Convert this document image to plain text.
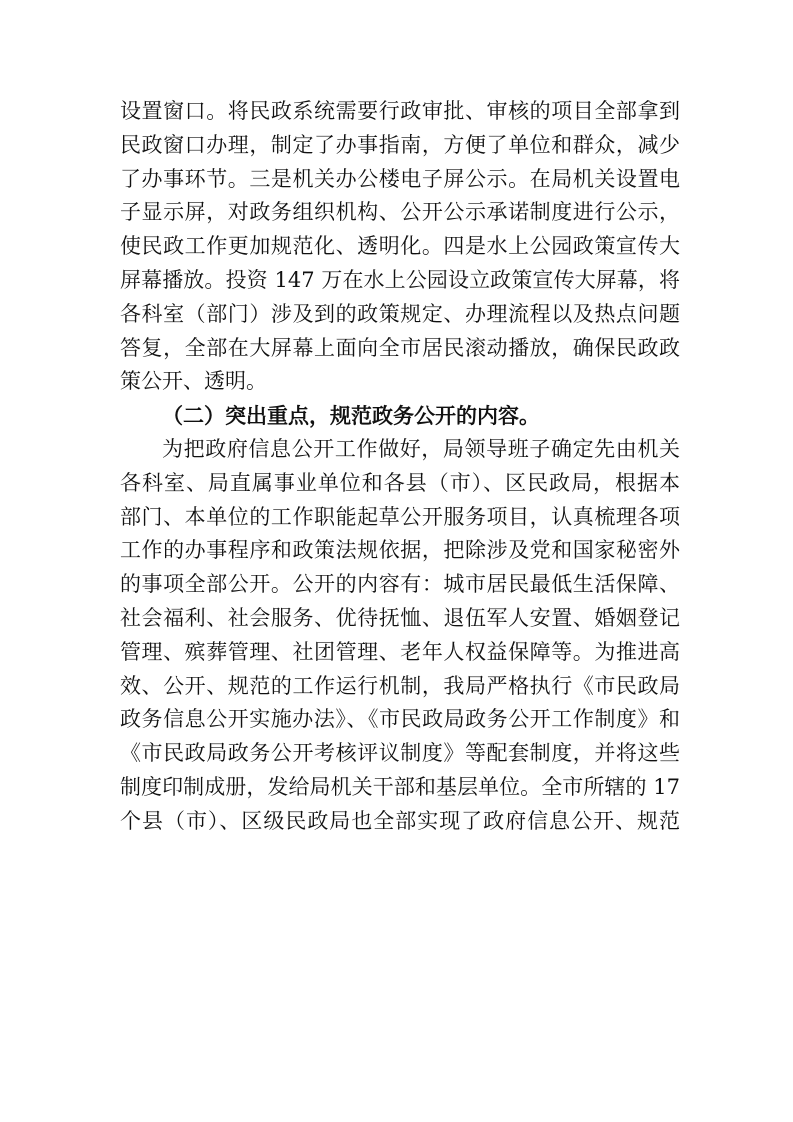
设置窗口。将民政系统需要行政审批、审核的项目全部拿到
民政窗口办理，制定了办事指南，方便了单位和群众，减少
了办事环节。三是机关办公楼电子屏公示。在局机关设置电
子显示屏，对政务组织机构、公开公示承诺制度进行公示，
使民政工作更加规范化、透明化。四是水上公园政策宣传大
屏幕播放。投资 147 万在水上公园设立政策宣传大屏幕，将
各科室（部门）涉及到的政策规定、办理流程以及热点问题
答复，全部在大屏幕上面向全市居民滚动播放，确保民政政
策公开、透明。
（二）突出重点，规范政务公开的内容。
为把政府信息公开工作做好，局领导班子确定先由机关
各科室、局直属事业单位和各县（市）、区民政局，根据本
部门、本单位的工作职能起草公开服务项目，认真梳理各项
工作的办事程序和政策法规依据，把除涉及党和国家秘密外
的事项全部公开。公开的内容有：城市居民最低生活保障、
社会福利、社会服务、优待抚恤、退伍军人安置、婚姻登记
管理、殡葬管理、社团管理、老年人权益保障等。为推进高
效、公开、规范的工作运行机制，我局严格执行《市民政局
政务信息公开实施办法》、《市民政局政务公开工作制度》和
《市民政局政务公开考核评议制度》等配套制度，并将这些
制度印制成册，发给局机关干部和基层单位。全市所辖的 17
个县（市）、区级民政局也全部实现了政府信息公开、规范
